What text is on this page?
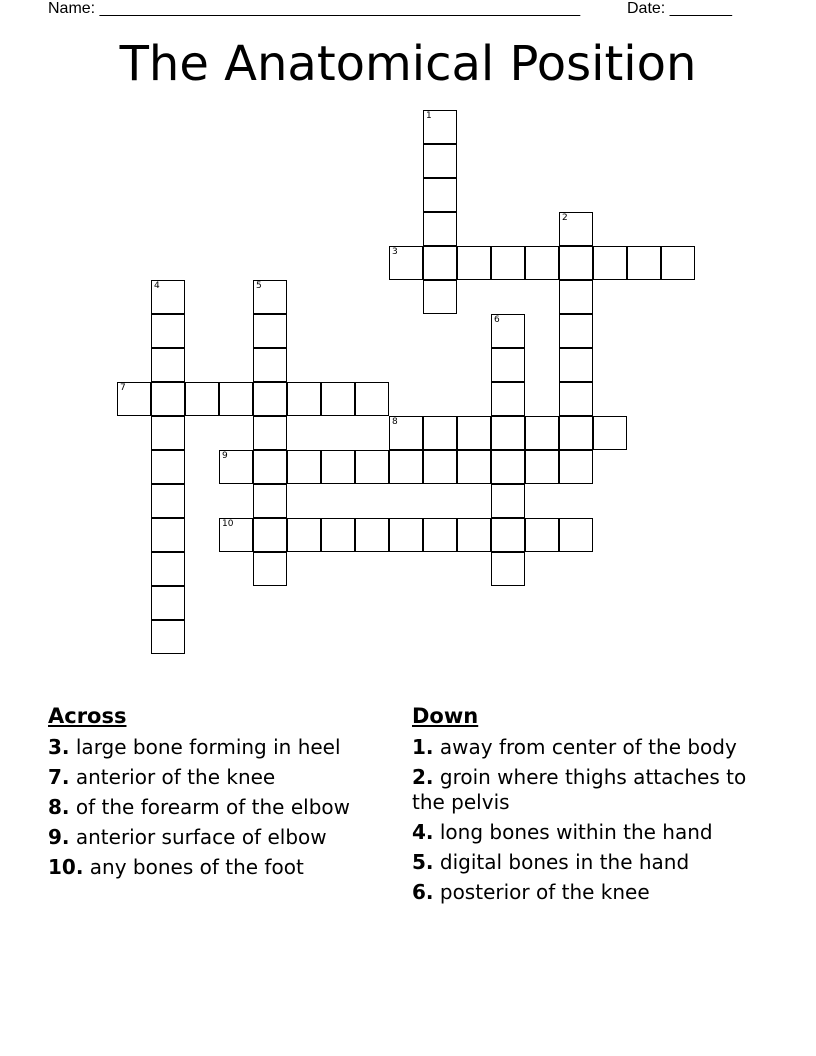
Name: ______________________________________________________	Date: _______
The Anatomical Position
1
2
3
4	5
6
7
8
9
10
Across
3. large bone forming in heel
7. anterior of the knee
8. of the forearm of the elbow
9. anterior surface of elbow
10. any bones of the foot
Down
1. away from center of the body
2. groin where thighs attaches to the pelvis
4. long bones within the hand
5. digital bones in the hand
6. posterior of the knee
